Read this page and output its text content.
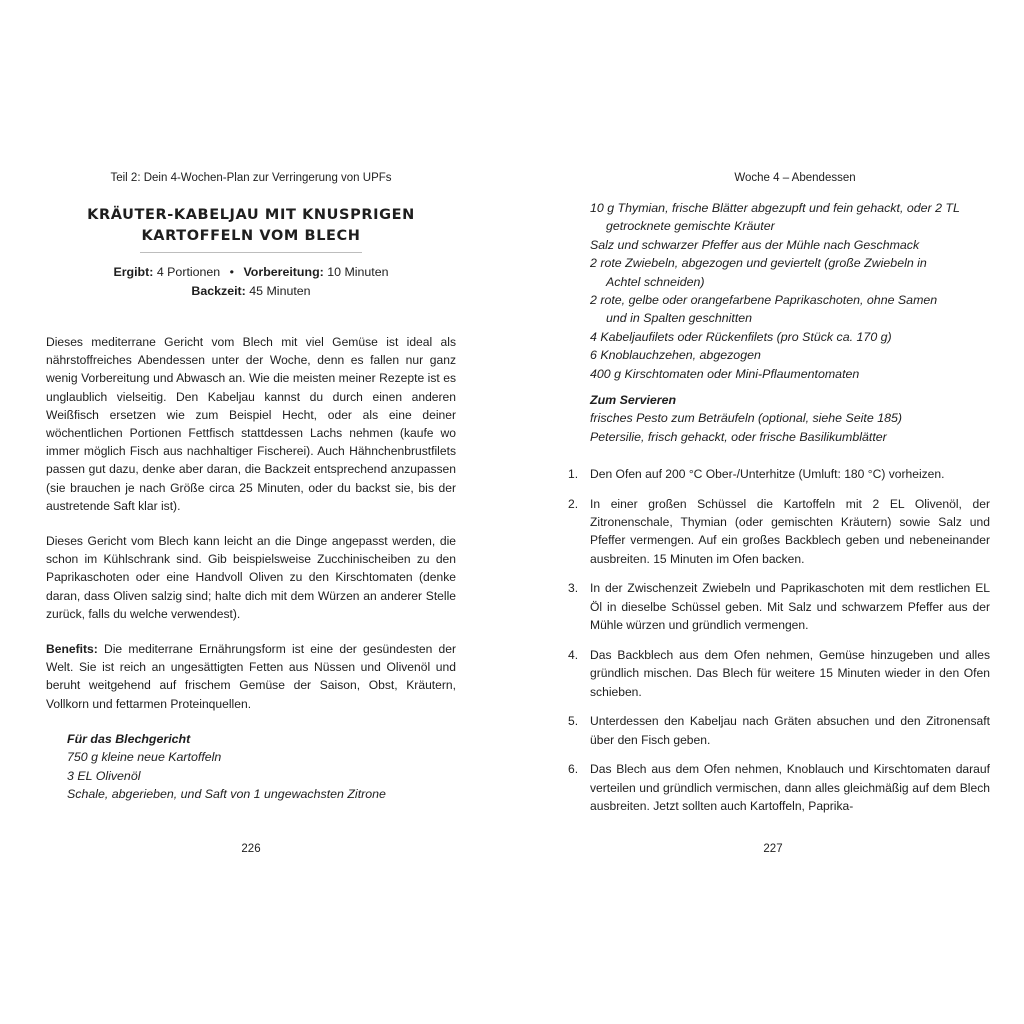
Teil 2: Dein 4-Wochen-Plan zur Verringerung von UPFs
KRÄUTER-KABELJAU MIT KNUSPRIGEN
KARTOFFELN VOM BLECH
Ergibt: 4 Portionen • Vorbereitung: 10 Minuten
Backzeit: 45 Minuten
Dieses mediterrane Gericht vom Blech mit viel Gemüse ist ideal als nährstoffreiches Abendessen unter der Woche, denn es fallen nur ganz wenig Vorbereitung und Abwasch an. Wie die meisten meiner Rezepte ist es unglaublich vielseitig. Den Kabeljau kannst du durch einen anderen Weißfisch ersetzen wie zum Beispiel Hecht, oder als eine deiner wöchentlichen Portionen Fettfisch stattdessen Lachs nehmen (kaufe wo immer möglich Fisch aus nachhaltiger Fischerei). Auch Hähnchenbrustfilets passen gut dazu, denke aber daran, die Backzeit entsprechend anzupassen (sie brauchen je nach Größe circa 25 Minuten, oder du backst sie, bis der austretende Saft klar ist).
Dieses Gericht vom Blech kann leicht an die Dinge angepasst werden, die schon im Kühlschrank sind. Gib beispielsweise Zucchinischeiben zu den Paprikaschoten oder eine Handvoll Oliven zu den Kirschtomaten (denke daran, dass Oliven salzig sind; halte dich mit dem Würzen an anderer Stelle zurück, falls du welche verwendest).
Benefits: Die mediterrane Ernährungsform ist eine der gesündesten der Welt. Sie ist reich an ungesättigten Fetten aus Nüssen und Olivenöl und beruht weitgehend auf frischem Gemüse der Saison, Obst, Kräutern, Vollkorn und fettarmen Proteinquellen.
Für das Blechgericht
750 g kleine neue Kartoffeln
3 EL Olivenöl
Schale, abgerieben, und Saft von 1 ungewachsten Zitrone
226
Woche 4 – Abendessen
10 g Thymian, frische Blätter abgezupft und fein gehackt, oder 2 TL
getrocknete gemischte Kräuter
Salz und schwarzer Pfeffer aus der Mühle nach Geschmack
2 rote Zwiebeln, abgezogen und geviertelt (große Zwiebeln in
Achtel schneiden)
2 rote, gelbe oder orangefarbene Paprikaschoten, ohne Samen
und in Spalten geschnitten
4 Kabeljaufilets oder Rückenfilets (pro Stück ca. 170 g)
6 Knoblauchzehen, abgezogen
400 g Kirschtomaten oder Mini-Pflaumentomaten
Zum Servieren
frisches Pesto zum Beträufeln (optional, siehe Seite 185)
Petersilie, frisch gehackt, oder frische Basilikumblätter
1. Den Ofen auf 200 °C Ober-/Unterhitze (Umluft: 180 °C) vorheizen.
2. In einer großen Schüssel die Kartoffeln mit 2 EL Olivenöl, der Zitronenschale, Thymian (oder gemischten Kräutern) sowie Salz und Pfeffer vermengen. Auf ein großes Backblech geben und nebeneinander ausbreiten. 15 Minuten im Ofen backen.
3. In der Zwischenzeit Zwiebeln und Paprikaschoten mit dem restlichen EL Öl in dieselbe Schüssel geben. Mit Salz und schwarzem Pfeffer aus der Mühle würzen und gründlich vermengen.
4. Das Backblech aus dem Ofen nehmen, Gemüse hinzugeben und alles gründlich mischen. Das Blech für weitere 15 Minuten wieder in den Ofen schieben.
5. Unterdessen den Kabeljau nach Gräten absuchen und den Zitronensaft über den Fisch geben.
6. Das Blech aus dem Ofen nehmen, Knoblauch und Kirschtomaten darauf verteilen und gründlich vermischen, dann alles gleichmäßig auf dem Blech ausbreiten. Jetzt sollten auch Kartoffeln, Paprika-
227
